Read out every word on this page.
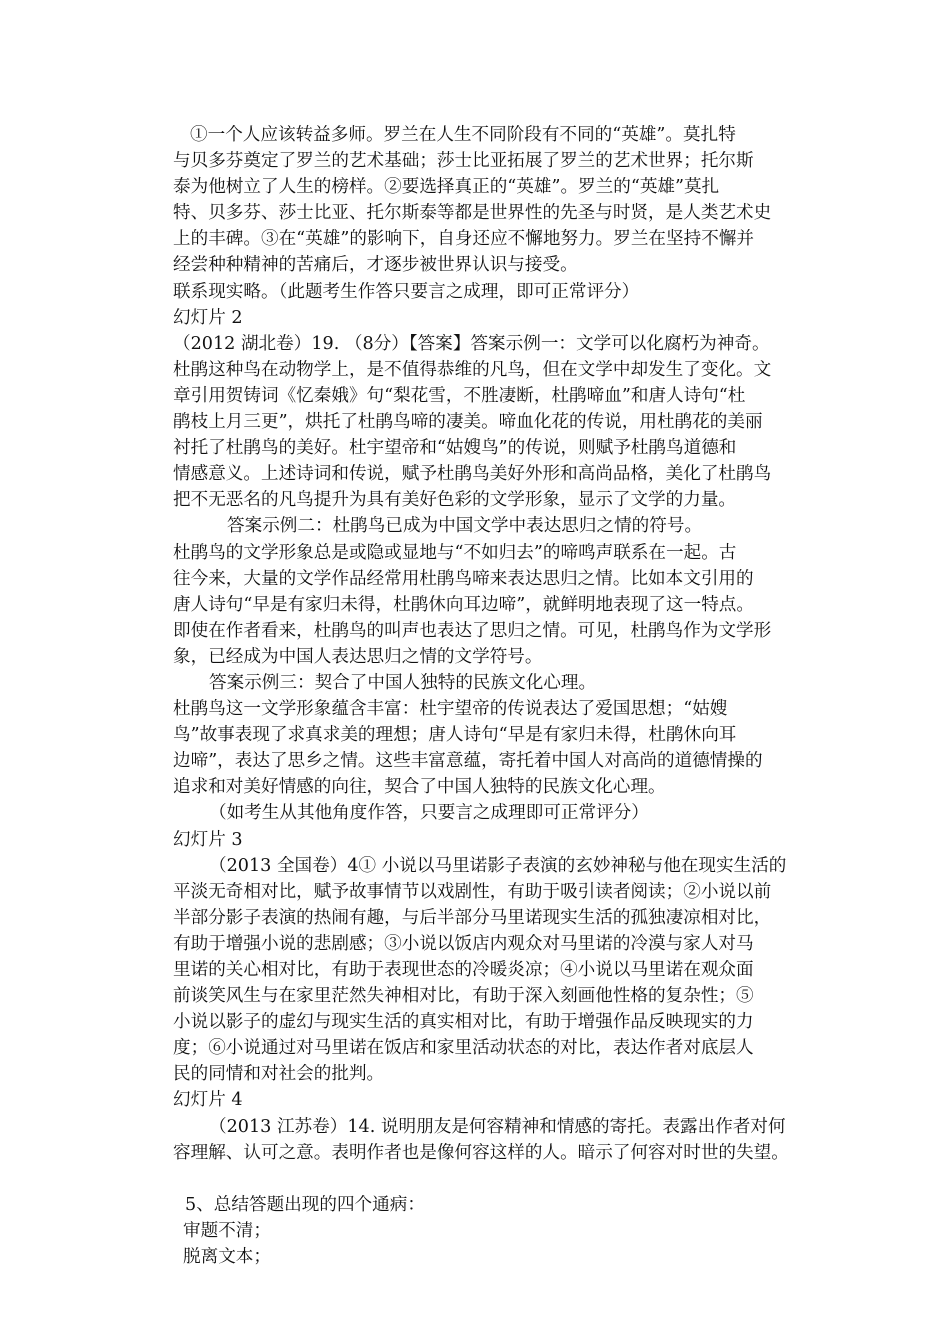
①一个人应该转益多师。罗兰在人生不同阶段有不同的“英雄”。莫扎特
与贝多芬奠定了罗兰的艺术基础；莎士比亚拓展了罗兰的艺术世界；托尔斯
泰为他树立了人生的榜样。②要选择真正的“英雄”。罗兰的“英雄”莫扎
特、贝多芬、莎士比亚、托尔斯泰等都是世界性的先圣与时贤，是人类艺术史
上的丰碑。③在“英雄”的影响下，自身还应不懈地努力。罗兰在坚持不懈并
经尝种种精神的苦痛后，才逐步被世界认识与接受。
联系现实略。（此题考生作答只要言之成理，即可正常评分）
幻灯片 2
（2012 湖北卷）19. （8分）【答案】答案示例一：文学可以化腐朽为神奇。
杜鹃这种鸟在动物学上，是不值得恭维的凡鸟，但在文学中却发生了变化。文
章引用贺铸词《忆秦娥》句“梨花雪，不胜凄断，杜鹃啼血”和唐人诗句“杜
鹃枝上月三更”，烘托了杜鹃鸟啼的凄美。啼血化花的传说，用杜鹃花的美丽
衬托了杜鹃鸟的美好。杜宇望帝和“姑嫂鸟”的传说，则赋予杜鹃鸟道德和
情感意义。上述诗词和传说，赋予杜鹃鸟美好外形和高尚品格，美化了杜鹃鸟
把不无恶名的凡鸟提升为具有美好色彩的文学形象，显示了文学的力量。
答案示例二：杜鹃鸟已成为中国文学中表达思归之情的符号。
杜鹃鸟的文学形象总是或隐或显地与“不如归去”的啼鸣声联系在一起。古
往今来，大量的文学作品经常用杜鹃鸟啼来表达思归之情。比如本文引用的
唐人诗句“早是有家归未得，杜鹃休向耳边啼”，就鲜明地表现了这一特点。
即使在作者看来，杜鹃鸟的叫声也表达了思归之情。可见，杜鹃鸟作为文学形
象，已经成为中国人表达思归之情的文学符号。
答案示例三：契合了中国人独特的民族文化心理。
杜鹃鸟这一文学形象蕴含丰富：杜宇望帝的传说表达了爱国思想；“姑嫂
鸟”故事表现了求真求美的理想；唐人诗句“早是有家归未得，杜鹃休向耳
边啼”，表达了思乡之情。这些丰富意蕴，寄托着中国人对高尚的道德情操的
追求和对美好情感的向往，契合了中国人独特的民族文化心理。
（如考生从其他角度作答，只要言之成理即可正常评分）
幻灯片 3
（2013 全国卷）4① 小说以马里诺影子表演的玄妙神秘与他在现实生活的
平淡无奇相对比，赋予故事情节以戏剧性，有助于吸引读者阅读；②小说以前
半部分影子表演的热闹有趣，与后半部分马里诺现实生活的孤独凄凉相对比，
有助于增强小说的悲剧感；③小说以饭店内观众对马里诺的冷漠与家人对马
里诺的关心相对比，有助于表现世态的冷暖炎凉；④小说以马里诺在观众面
前谈笑风生与在家里茫然失神相对比，有助于深入刻画他性格的复杂性；⑤
小说以影子的虚幻与现实生活的真实相对比，有助于增强作品反映现实的力
度；⑥小说通过对马里诺在饭店和家里活动状态的对比，表达作者对底层人
民的同情和对社会的批判。
幻灯片 4
（2013 江苏卷）14. 说明朋友是何容精神和情感的寄托。表露出作者对何
容理解、认可之意。表明作者也是像何容这样的人。暗示了何容对时世的失望。
5、总结答题出现的四个通病：
审题不清；
脱离文本；
